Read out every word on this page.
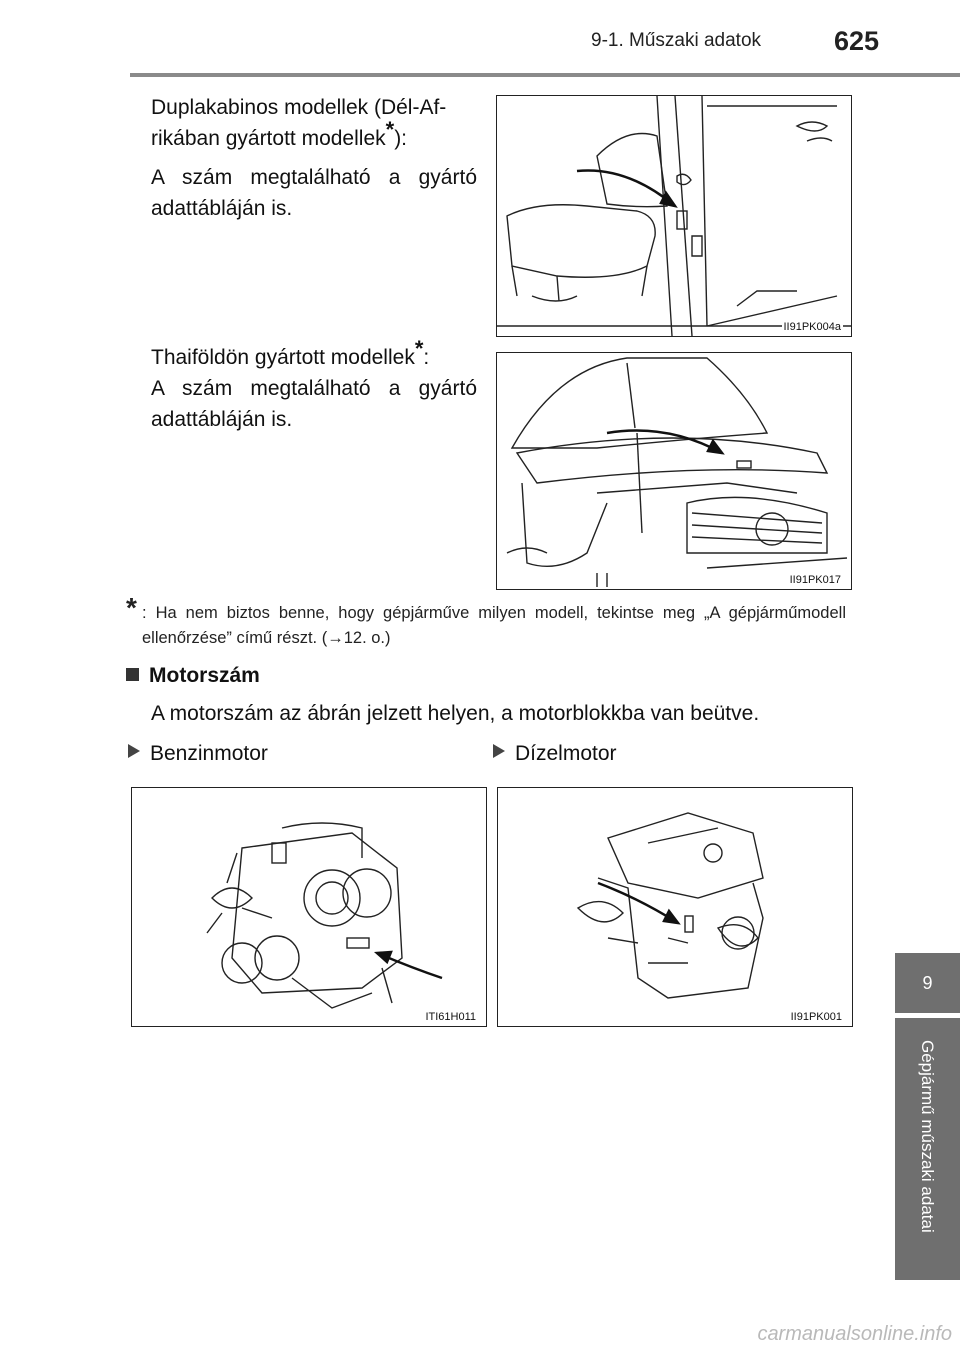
9-1. Műszaki adatok	625
9
Gépjármű műszaki adatai
Duplakabinos modellek (Dél-Af-
rikában gyártott modellek*):
A szám megtalálható a gyártó adattábláján is.
II91PK004a
Thaiföldön gyártott modellek*:
A szám megtalálható a gyártó adattábláján is.
II91PK017
* : Ha nem biztos benne, hogy gépjárműve milyen modell, tekintse meg „A gépjárműmodell ellenőrzése” című részt. (→12. o.)
Motorszám
A motorszám az ábrán jelzett helyen, a motorblokkba van beütve.
Benzinmotor	Dízelmotor
ITI61H011	II91PK001
carmanualsonline.info
